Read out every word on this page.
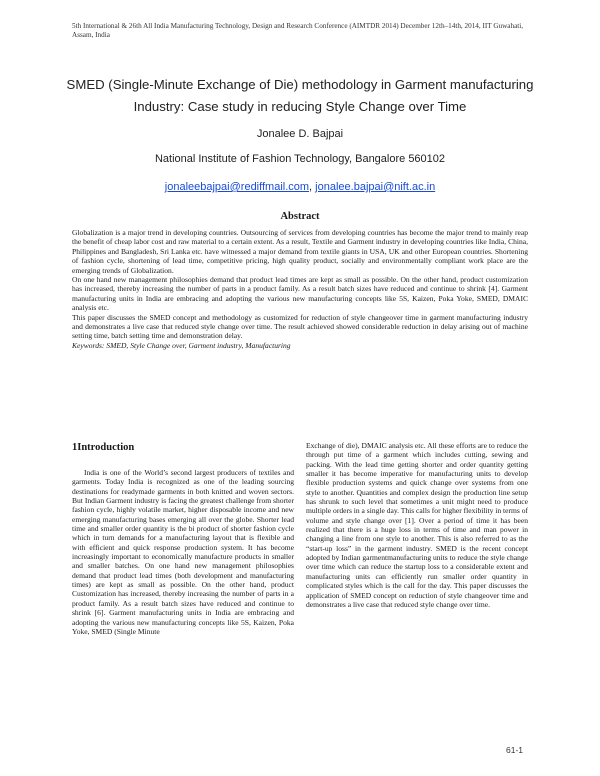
5th International & 26th All India Manufacturing Technology, Design and Research Conference (AIMTDR 2014) December 12th–14th, 2014, IIT Guwahati, Assam, India
SMED (Single-Minute Exchange of Die) methodology in Garment manufacturing Industry: Case study in reducing Style Change over Time
Jonalee D. Bajpai
National Institute of Fashion Technology, Bangalore 560102
jonaleebajpai@rediffmail.com, jonalee.bajpai@nift.ac.in
Abstract

Globalization is a major trend in developing countries. Outsourcing of services from developing countries has become the major trend to mainly reap the benefit of cheap labor cost and raw material to a certain extent. As a result, Textile and Garment industry in developing countries like India, China, Philippines and Bangladesh, Sri Lanka etc. have witnessed a major demand from textile giants in USA, UK and other European countries. Shortening of fashion cycle, shortening of lead time, competitive pricing, high quality product, socially and environmentally compliant work place are the emerging trends of Globalization.

On one hand new management philosophies demand that product lead times are kept as small as possible. On the other hand, product customization has increased, thereby increasing the number of parts in a product family. As a result batch sizes have reduced and continue to shrink [4]. Garment manufacturing units in India are embracing and adopting the various new manufacturing concepts like 5S, Kaizen, Poka Yoke, SMED, DMAIC analysis etc.

This paper discusses the SMED concept and methodology as customized for reduction of style changeover time in garment manufacturing industry and demonstrates a live case that reduced style change over time. The result achieved showed considerable reduction in delay arising out of machine setting time, batch setting time and demonstration delay.

Keywords: SMED, Style Change over, Garment industry, Manufacturing

1Introduction

India is one of the World’s second largest producers of textiles and garments. Today India is recognized as one of the leading sourcing destinations for readymade garments in both knitted and woven sectors. But Indian Garment industry is facing the greatest challenge from shorter fashion cycle, highly volatile market, higher disposable income and new emerging manufacturing bases emerging all over the globe. Shorter lead time and smaller order quantity is the bi product of shorter fashion cycle which in turn demands for a manufacturing layout that is flexible and with efficient and quick response production system. It has become increasingly important to economically manufacture products in smaller and smaller batches. On one hand new management philosophies demand that product lead times (both development and manufacturing times) are kept as small as possible. On the other hand, product Customization has increased, thereby increasing the number of parts in a product family. As a result batch sizes have reduced and continue to shrink [6]. Garment manufacturing units in India are embracing and adopting the various new manufacturing concepts like 5S, Kaizen, Poka Yoke, SMED (Single Minute

Exchange of die), DMAIC analysis etc. All these efforts are to reduce the through put time of a garment which includes cutting, sewing and packing. With the lead time getting shorter and order quantity getting smaller it has become imperative for manufacturing units to develop flexible production systems and quick change over systems from one style to another. Quantities and complex design the production line setup has shrunk to such level that sometimes a unit might need to produce multiple orders in a single day. This calls for higher flexibility in terms of volume and style change over [1]. Over a period of time it has been realized that there is a huge loss in terms of time and man power in changing a line from one style to another. This is also referred to as the “start-up loss” in the garment industry. SMED is the recent concept adopted by Indian garmentmanufacturing units to reduce the style change over time which can reduce the startup loss to a considerable extent and manufacturing units can efficiently run smaller order quantity in complicated styles which is the call for the day. This paper discusses the application of SMED concept on reduction of style changeover time and demonstrates a live case that reduced style change over time.

61-1
